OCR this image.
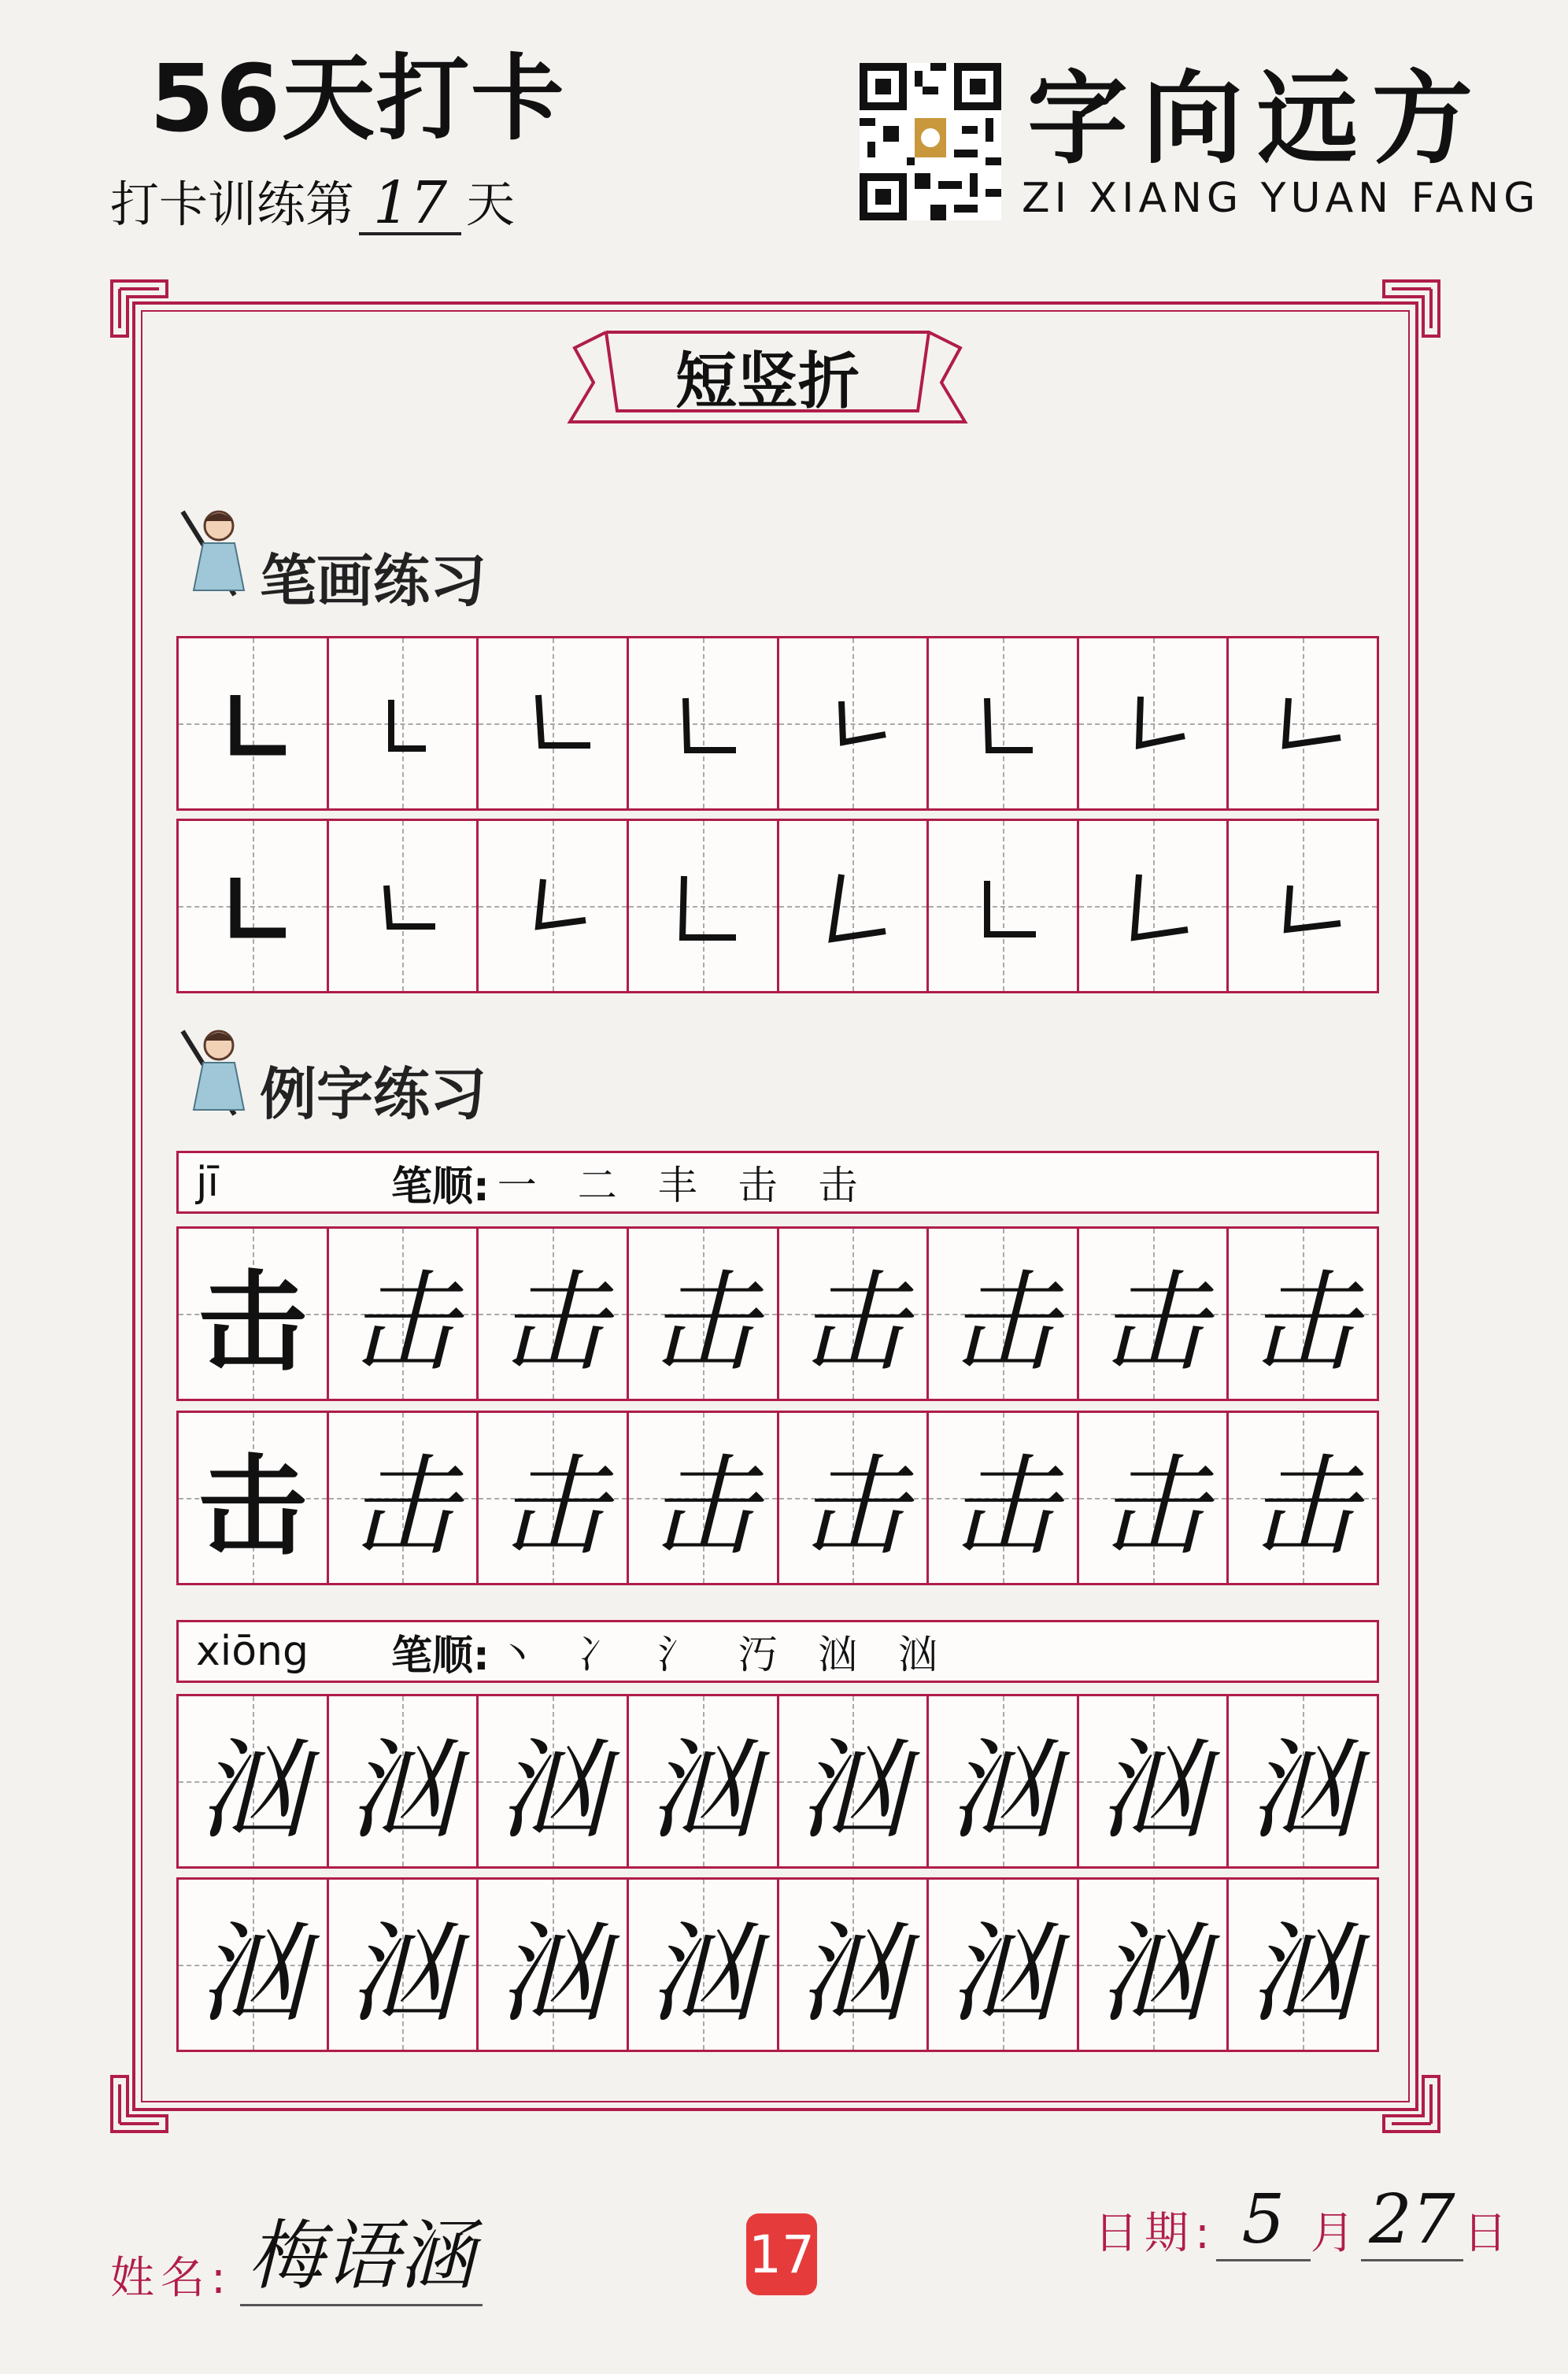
56天打卡
打卡训练第 17 天
字向远方
ZI XIANG YUAN FANG
短竖折
笔画练习
例字练习
jī	笔顺: 一 二 丰 击 击
击 击 击 击 击 击 击 击
击 击 击 击 击 击 击 击
xiōng	笔顺: 丶 冫 氵 汅 汹 汹
汹 汹 汹 汹 汹 汹 汹 汹
汹 汹 汹 汹 汹 汹 汹 汹
姓名: 梅语涵	17	日期: 5 月 27 日
